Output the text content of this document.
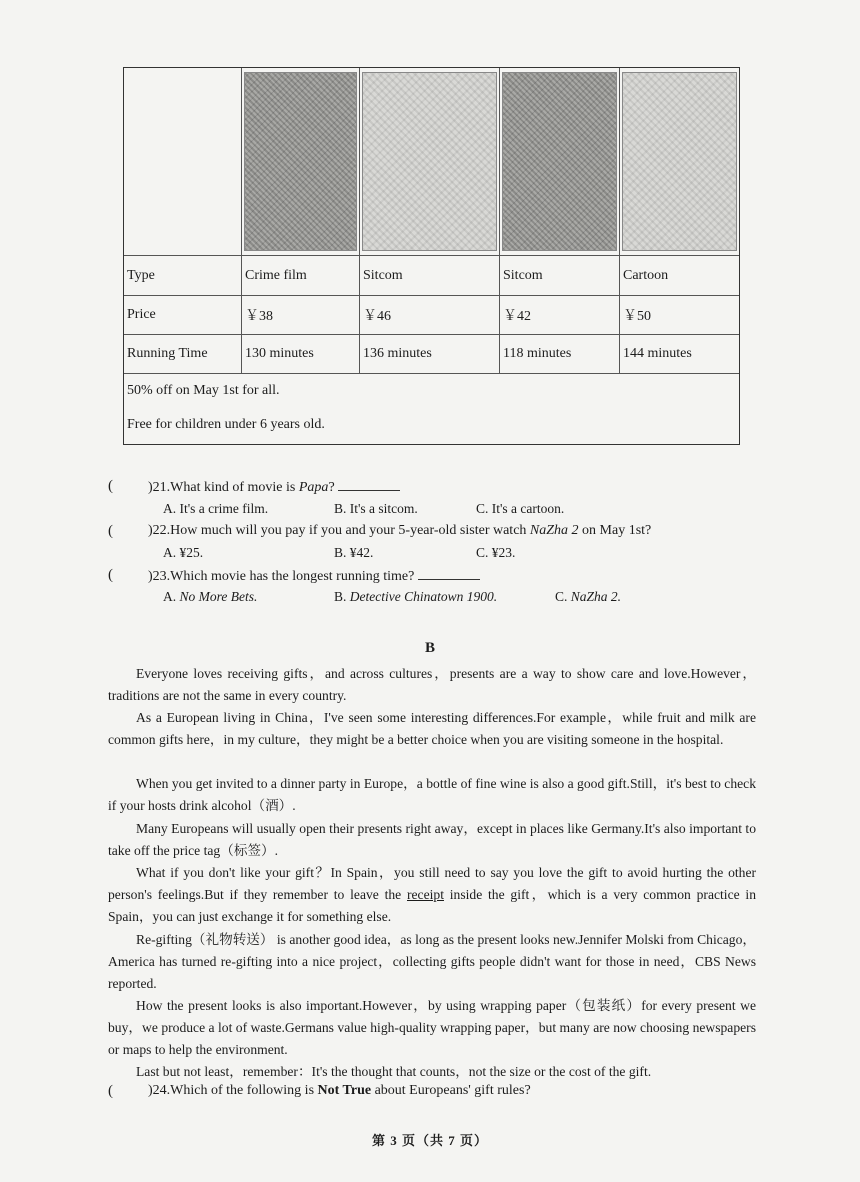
Type	Crime film	Sitcom	Sitcom	Cartoon
Price	￥38	￥46	￥42	￥50
Running Time	130 minutes	136 minutes	118 minutes	144 minutes
50% off on May 1st for all.
Free for children under 6 years old.
(	)21.What kind of movie is Papa?
A. It's a crime film.	B. It's a sitcom.	C. It's a cartoon.
(	)22.How much will you pay if you and your 5-year-old sister watch NaZha 2 on May 1st?
A. ¥25.	B. ¥42.	C. ¥23.
(	)23.Which movie has the longest running time?
A. No More Bets.	B. Detective Chinatown 1900.	C. NaZha 2.
B
Everyone loves receiving gifts，and across cultures，presents are a way to show care and love.However，traditions are not the same in every country.
As a European living in China，I've seen some interesting differences.For example，while fruit and milk are common gifts here，in my culture，they might be a better choice when you are visiting someone in the hospital.
When you get invited to a dinner party in Europe，a bottle of fine wine is also a good gift.Still，it's best to check if your hosts drink alcohol（酒）.
Many Europeans will usually open their presents right away，except in places like Germany.It's also important to take off the price tag（标签）.
What if you don't like your gift？In Spain，you still need to say you love the gift to avoid hurting the other person's feelings.But if they remember to leave the receipt inside the gift，which is a very common practice in Spain，you can just exchange it for something else.
Re-gifting（礼物转送） is another good idea，as long as the present looks new.Jennifer Molski from Chicago，America has turned re-gifting into a nice project，collecting gifts people didn't want for those in need，CBS News reported.
How the present looks is also important.However，by using wrapping paper（包装纸）for every present we buy，we produce a lot of waste.Germans value high-quality wrapping paper，but many are now choosing newspapers or maps to help the environment.
Last but not least，remember：It's the thought that counts，not the size or the cost of the gift.
(	)24.Which of the following is Not True about Europeans' gift rules?
第 3 页（共 7 页）
